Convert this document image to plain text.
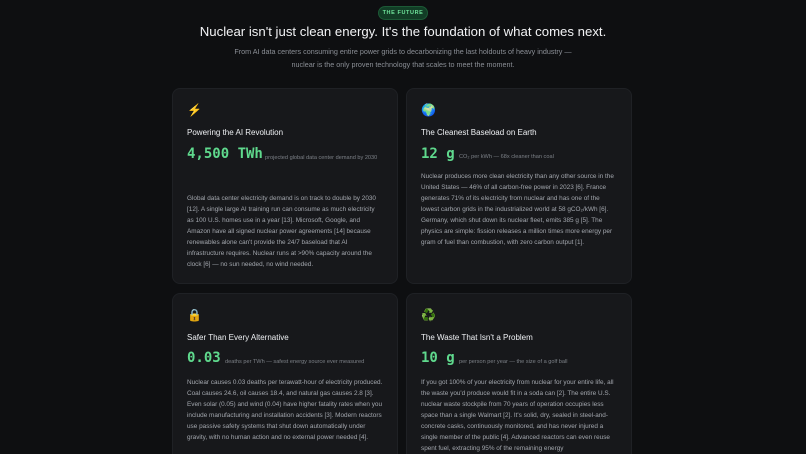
THE FUTURE
Nuclear isn't just clean energy. It's the foundation of what comes next.
From AI data centers consuming entire power grids to decarbonizing the last holdouts of heavy industry — nuclear is the only proven technology that scales to meet the moment.
⚡
Powering the AI Revolution
4,500 TWh projected global data center demand by 2030
Global data center electricity demand is on track to double by 2030 [12]. A single large AI training run can consume as much electricity as 100 U.S. homes use in a year [13]. Microsoft, Google, and Amazon have all signed nuclear power agreements [14] because renewables alone can't provide the 24/7 baseload that AI infrastructure requires. Nuclear runs at >90% capacity around the clock [6] — no sun needed, no wind needed.
🌍
The Cleanest Baseload on Earth
12 g CO₂ per kWh — 68x cleaner than coal
Nuclear produces more clean electricity than any other source in the United States — 46% of all carbon-free power in 2023 [6]. France generates 71% of its electricity from nuclear and has one of the lowest carbon grids in the industrialized world at 58 gCO₂/kWh [6]. Germany, which shut down its nuclear fleet, emits 385 g [5]. The physics are simple: fission releases a million times more energy per gram of fuel than combustion, with zero carbon output [1].
🔒
Safer Than Every Alternative
0.03 deaths per TWh — safest energy source ever measured
Nuclear causes 0.03 deaths per terawatt-hour of electricity produced. Coal causes 24.6, oil causes 18.4, and natural gas causes 2.8 [3]. Even solar (0.05) and wind (0.04) have higher fatality rates when you include manufacturing and installation accidents [3]. Modern reactors use passive safety systems that shut down automatically under gravity, with no human action and no external power needed [4].
♻️
The Waste That Isn't a Problem
10 g per person per year — the size of a golf ball
If you got 100% of your electricity from nuclear for your entire life, all the waste you'd produce would fit in a soda can [2]. The entire U.S. nuclear waste stockpile from 70 years of operation occupies less space than a single Walmart [2]. It's solid, dry, sealed in steel-and-concrete casks, continuously monitored, and has never injured a single member of the public [4]. Advanced reactors can even reuse spent fuel, extracting 95% of the remaining energy
